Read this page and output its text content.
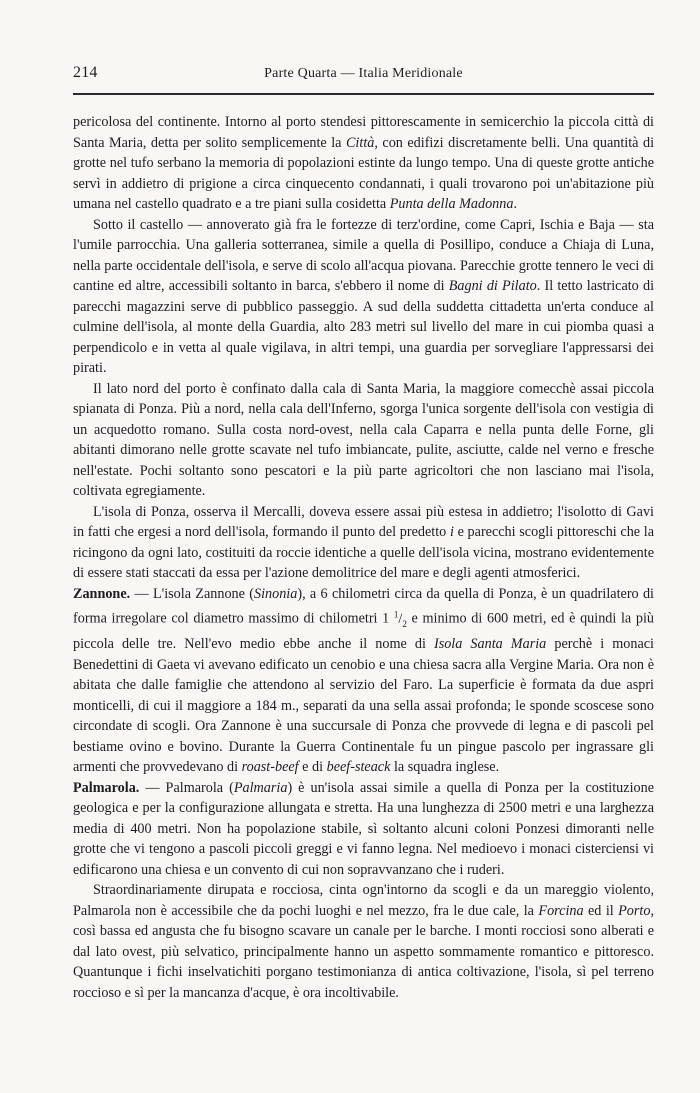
214	Parte Quarta — Italia Meridionale

pericolosa del continente. Intorno al porto stendesi pittorescamente in semicerchio la piccola città di Santa Maria, detta per solito semplicemente la Città, con edifizi discretamente belli. Una quantità di grotte nel tufo serbano la memoria di popolazioni estinte da lungo tempo. Una di queste grotte antiche servì in addietro di prigione a circa cinquecento condannati, i quali trovarono poi un'abitazione più umana nel castello quadrato e a tre piani sulla cosidetta Punta della Madonna.

Sotto il castello — annoverato già fra le fortezze di terz'ordine, come Capri, Ischia e Baja — sta l'umile parrocchia. Una galleria sotterranea, simile a quella di Posillipo, conduce a Chiaja di Luna, nella parte occidentale dell'isola, e serve di scolo all'acqua piovana. Parecchie grotte tennero le veci di cantine ed altre, accessibili soltanto in barca, s'ebbero il nome di Bagni di Pilato. Il tetto lastricato di parecchi magazzini serve di pubblico passeggio. A sud della suddetta cittadetta un'erta conduce al culmine dell'isola, al monte della Guardia, alto 283 metri sul livello del mare in cui piomba quasi a perpendicolo e in vetta al quale vigilava, in altri tempi, una guardia per sorvegliare l'appressarsi dei pirati.

Il lato nord del porto è confinato dalla cala di Santa Maria, la maggiore comecchè assai piccola spianata di Ponza. Più a nord, nella cala dell'Inferno, sgorga l'unica sorgente dell'isola con vestigia di un acquedotto romano. Sulla costa nord-ovest, nella cala Caparra e nella punta delle Forne, gli abitanti dimorano nelle grotte scavate nel tufo imbiancate, pulite, asciutte, calde nel verno e fresche nell'estate. Pochi soltanto sono pescatori e la più parte agricoltori che non lasciano mai l'isola, coltivata egregiamente.

L'isola di Ponza, osserva il Mercalli, doveva essere assai più estesa in addietro; l'isolotto di Gavi in fatti che ergesi a nord dell'isola, formando il punto del predetto i e parecchi scogli pittoreschi che la ricingono da ogni lato, costituiti da roccie identiche a quelle dell'isola vicina, mostrano evidentemente di essere stati staccati da essa per l'azione demolitrice del mare e degli agenti atmosferici.

Zannone. — L'isola Zannone (Sinonia), a 6 chilometri circa da quella di Ponza, è un quadrilatero di forma irregolare col diametro massimo di chilometri 1 $^1/_2$ e minimo di 600 metri, ed è quindi la più piccola delle tre. Nell'evo medio ebbe anche il nome di Isola Santa Maria perchè i monaci Benedettini di Gaeta vi avevano edificato un cenobio e una chiesa sacra alla Vergine Maria. Ora non è abitata che dalle famiglie che attendono al servizio del Faro. La superficie è formata da due aspri monticelli, di cui il maggiore a 184 m., separati da una sella assai profonda; le sponde scoscese sono circondate di scogli. Ora Zannone è una succursale di Ponza che provvede di legna e di pascoli pel bestiame ovino e bovino. Durante la Guerra Continentale fu un pingue pascolo per ingrassare gli armenti che provvedevano di roast-beef e di beef-steack la squadra inglese.

Palmarola. — Palmarola (Palmaria) è un'isola assai simile a quella di Ponza per la costituzione geologica e per la configurazione allungata e stretta. Ha una lunghezza di 2500 metri e una larghezza media di 400 metri. Non ha popolazione stabile, sì soltanto alcuni coloni Ponzesi dimoranti nelle grotte che vi tengono a pascoli piccoli greggi e vi fanno legna. Nel medioevo i monaci cisterciensi vi edificarono una chiesa e un convento di cui non sopravvanzano che i ruderi.

Straordinariamente dirupata e rocciosa, cinta ogn'intorno da scogli e da un mareggio violento, Palmarola non è accessibile che da pochi luoghi e nel mezzo, fra le due cale, la Forcina ed il Porto, così bassa ed angusta che fu bisogno scavare un canale per le barche. I monti rocciosi sono alberati e dal lato ovest, più selvatico, principalmente hanno un aspetto sommamente romantico e pittoresco. Quantunque i fichi inselvatichiti porgano testimonianza di antica coltivazione, l'isola, sì pel terreno roccioso e sì per la mancanza d'acque, è ora incoltivabile.
